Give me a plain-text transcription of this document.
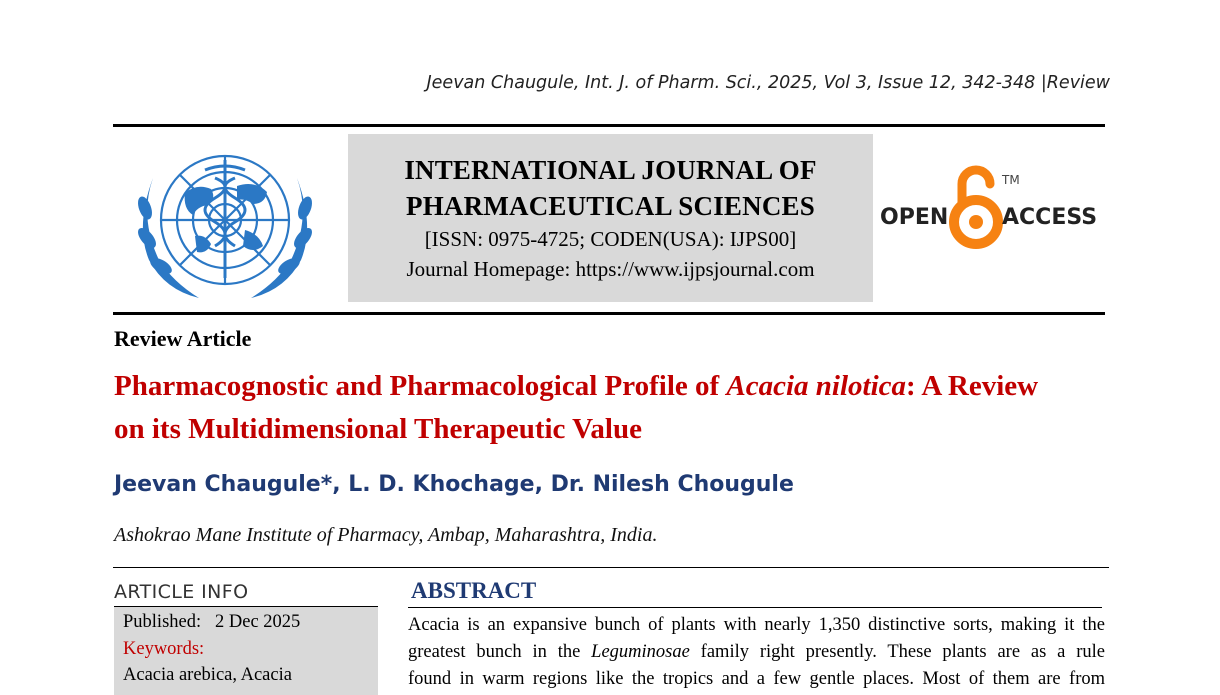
Jeevan Chaugule, Int. J. of Pharm. Sci., 2025, Vol 3, Issue 12, 342-348 |Review
INTERNATIONAL JOURNAL OF
PHARMACEUTICAL SCIENCES
[ISSN: 0975-4725; CODEN(USA): IJPS00]
Journal Homepage: https://www.ijpsjournal.com
OPEN ACCESS
TM
Review Article
Pharmacognostic and Pharmacological Profile of Acacia nilotica: A Review on its Multidimensional Therapeutic Value
Jeevan Chaugule*, L. D. Khochage, Dr. Nilesh Chougule
Ashokrao Mane Institute of Pharmacy, Ambap, Maharashtra, India.
ARTICLE INFO
Published: 2 Dec 2025
Keywords:
Acacia arebica, Acacia
ABSTRACT

Acacia is an expansive bunch of plants with nearly 1,350 distinctive sorts, making it the

greatest bunch in the Leguminosae family right presently. These plants are as a rule

found in warm regions like the tropics and a few gentle places. Most of them are from
